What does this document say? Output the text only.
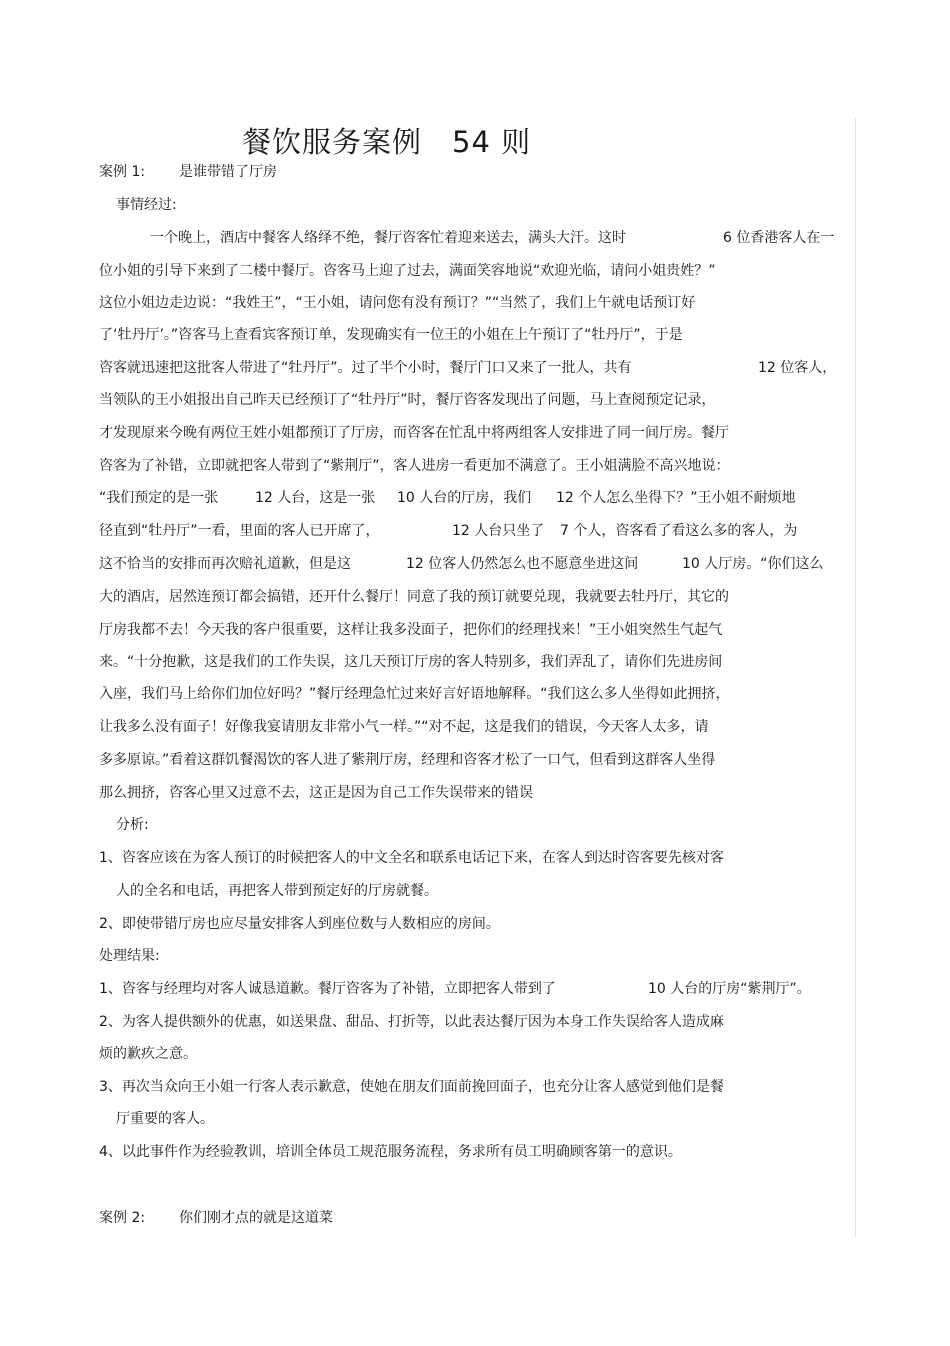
餐饮服务案例 54 则
案例 1: 是谁带错了厅房
事情经过:
一个晚上，酒店中餐客人络绎不绝，餐厅咨客忙着迎来送去，满头大汗。这时	6 位香港客人在一
位小姐的引导下来到了二楼中餐厅。咨客马上迎了过去，满面笑容地说“欢迎光临，请问小姐贵姓？”
这位小姐边走边说：“我姓王”，“王小姐，请问您有没有预订？”“当然了，我们上午就电话预订好
了‘牡丹厅’。”咨客马上查看宾客预订单，发现确实有一位王的小姐在上午预订了“牡丹厅”，于是
咨客就迅速把这批客人带进了“牡丹厅”。过了半个小时，餐厅门口又来了一批人，共有	12 位客人，
当领队的王小姐报出自己昨天已经预订了“牡丹厅”时，餐厅咨客发现出了问题，马上查阅预定记录，
才发现原来今晚有两位王姓小姐都预订了厅房，而咨客在忙乱中将两组客人安排进了同一间厅房。餐厅
咨客为了补错，立即就把客人带到了“紫荆厅”，客人进房一看更加不满意了。王小姐满脸不高兴地说：
“我们预定的是一张	12 人台，这是一张 10 人台的厅房，我们 12 个人怎么坐得下？”王小姐不耐烦地
径直到“牡丹厅”一看，里面的客人已开席了，	12 人台只坐了 7 个人，咨客看了看这么多的客人，为
这不恰当的安排而再次赔礼道歉，但是这	12 位客人仍然怎么也不愿意坐进这间	10 人厅房。“你们这么
大的酒店，居然连预订都会搞错，还开什么餐厅！同意了我的预订就要兑现，我就要去牡丹厅，其它的
厅房我都不去！今天我的客户很重要，这样让我多没面子，把你们的经理找来！”王小姐突然生气起气
来。“十分抱歉，这是我们的工作失误，这几天预订厅房的客人特别多，我们弄乱了，请你们先进房间
入座，我们马上给你们加位好吗？”餐厅经理急忙过来好言好语地解释。“我们这么多人坐得如此拥挤，
让我多么没有面子！好像我宴请朋友非常小气一样。”“对不起，这是我们的错误，今天客人太多，请
多多原谅。”看着这群饥餐渴饮的客人进了紫荆厅房，经理和咨客才松了一口气，但看到这群客人坐得
那么拥挤，咨客心里又过意不去，这正是因为自己工作失误带来的错误
分析:
1、咨客应该在为客人预订的时候把客人的中文全名和联系电话记下来，在客人到达时咨客要先核对客
人的全名和电话，再把客人带到预定好的厅房就餐。
2、即使带错厅房也应尽量安排客人到座位数与人数相应的房间。
处理结果:
1、咨客与经理均对客人诚恳道歉。餐厅咨客为了补错，立即把客人带到了	10 人台的厅房“紫荆厅”。
2、为客人提供额外的优惠，如送果盘、甜品、打折等，以此表达餐厅因为本身工作失误给客人造成麻
烦的歉疚之意。
3、再次当众向王小姐一行客人表示歉意，使她在朋友们面前挽回面子，也充分让客人感觉到他们是餐
厅重要的客人。
4、以此事件作为经验教训，培训全体员工规范服务流程，务求所有员工明确顾客第一的意识。
案例 2: 你们刚才点的就是这道菜
